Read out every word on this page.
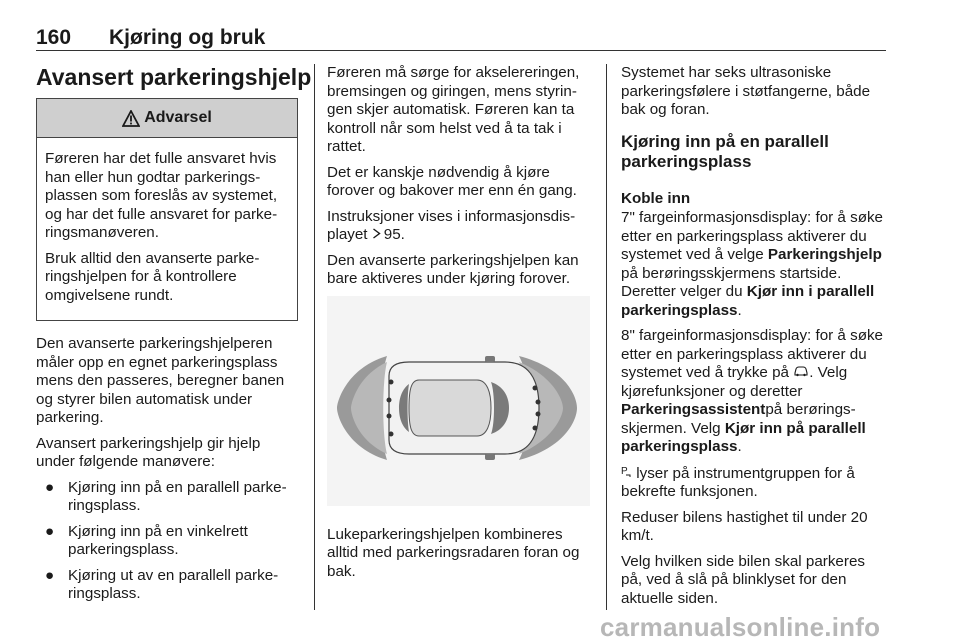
160 Kjøring og bruk
Avansert parkeringshjelp
Advarsel

Føreren har det fulle ansvaret hvis han eller hun godtar parkeringsplassen som foreslås av systemet, og har det fulle ansvaret for parkeringsmanøveren.

Bruk alltid den avanserte parkeringshjelpen for å kontrollere omgivelsene rundt.

Den avanserte parkeringshjelperen måler opp en egnet parkeringsplass mens den passeres, beregner banen og styrer bilen automatisk under parkering.

Avansert parkeringshjelp gir hjelp under følgende manøvere:

● Kjøring inn på en parallell parkeringsplass.
● Kjøring inn på en vinkelrett parkeringsplass.
● Kjøring ut av en parallell parkeringsplass.

Føreren må sørge for akselereringen, bremsingen og giringen, mens styringen skjer automatisk. Føreren kan ta kontroll når som helst ved å ta tak i rattet.

Det er kanskje nødvendig å kjøre forover og bakover mer enn én gang.

Instruksjoner vises i informasjonsdisplayet 95.

Den avanserte parkeringshjelpen kan bare aktiveres under kjøring forover.

Lukeparkeringshjelpen kombineres alltid med parkeringsradaren foran og bak.

Systemet har seks ultrasoniske parkeringsfølere i støtfangerne, både bak og foran.

Kjøring inn på en parallell parkeringsplass
Koble inn

7" fargeinformasjonsdisplay: for å søke etter en parkeringsplass aktiverer du systemet ved å velge Parkeringshjelp på berøringsskjermens startside. Deretter velger du Kjør inn i parallell parkeringsplass.

8" fargeinformasjonsdisplay: for å søke etter en parkeringsplass aktiverer du systemet ved å trykke på . Velg kjørefunksjoner og deretter Parkeringsassistentpå berøringsskjermen. Velg Kjør inn på parallell parkeringsplass.

P lyser på instrumentgruppen for å bekrefte funksjonen.

Reduser bilens hastighet til under 20 km/t.

Velg hvilken side bilen skal parkeres på, ved å slå på blinklyset for den aktuelle siden.

carmanualsonline.info
